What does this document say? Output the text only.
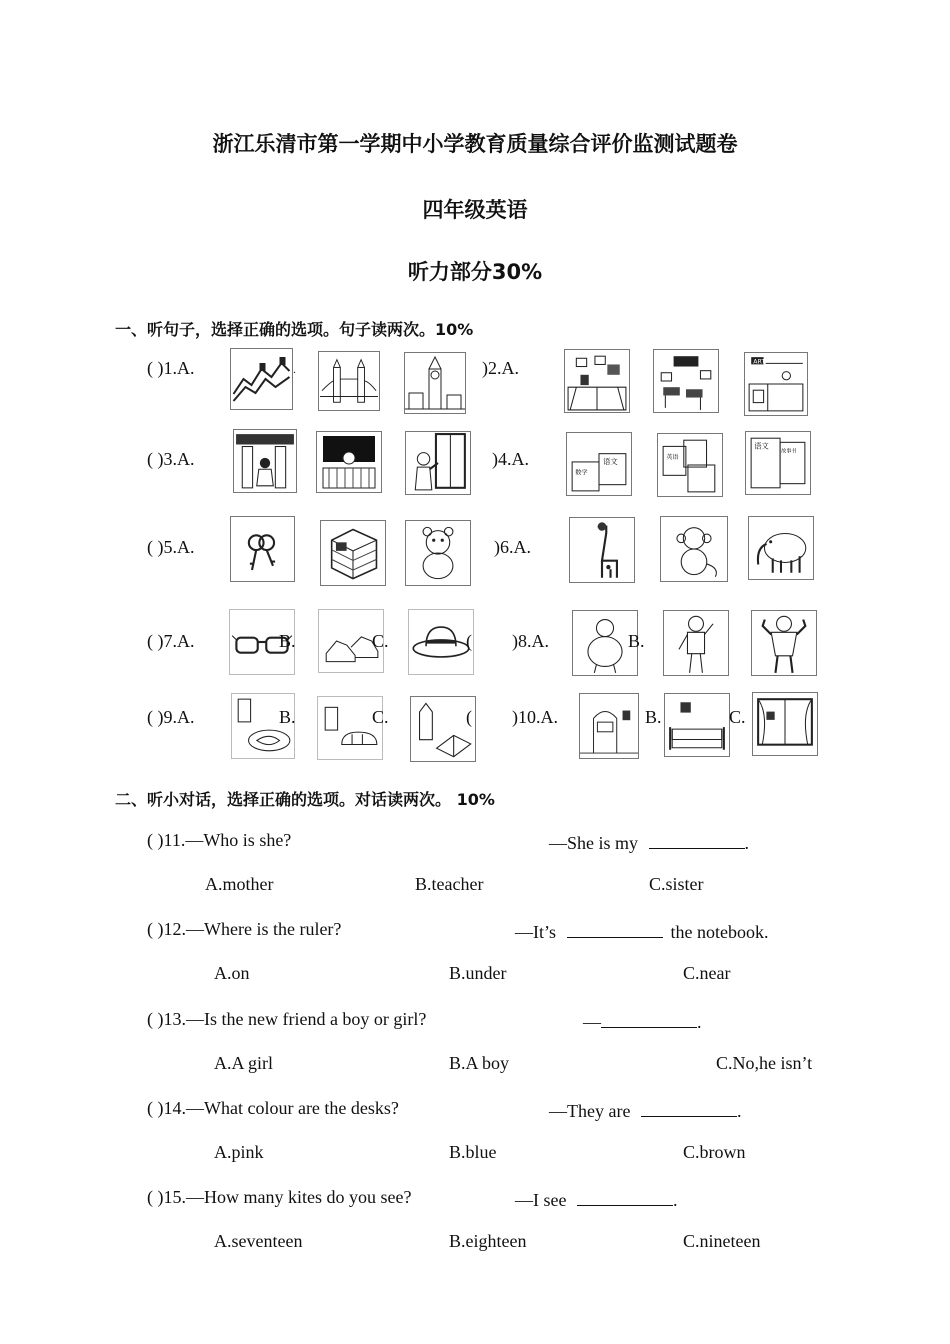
浙江乐清市第一学期中小学教育质量综合评价监测试题卷
四年级英语
听力部分30%
一、听句子，选择正确的选项。句子读两次。10%
( )1.A.	.	)2.A.	ART
( )3.A.	)4.A.
数学
语文	英语
语文
故事书
( )5.A.	)6.A.
( )7.A.	B.	C.	( )8.A.	B.
( )9.A.	B.	C.	( )10.A.	B.	C.
二、听小对话，选择正确的选项。对话读两次。 10%
( )11.—Who is she?	—She is my	.
A.mother	B.teacher	C.sister
( )12.—Where is the ruler?	—It’s	the notebook.
A.on	B.under	C.near
( )13.—Is the new friend a boy or girl?	—	.
A.A girl	B.A boy	C.No,he isn’t
( )14.—What colour are the desks?	—They are	.
A.pink	B.blue	C.brown
( )15.—How many kites do you see?	—I see	.
A.seventeen	B.eighteen	C.nineteen
